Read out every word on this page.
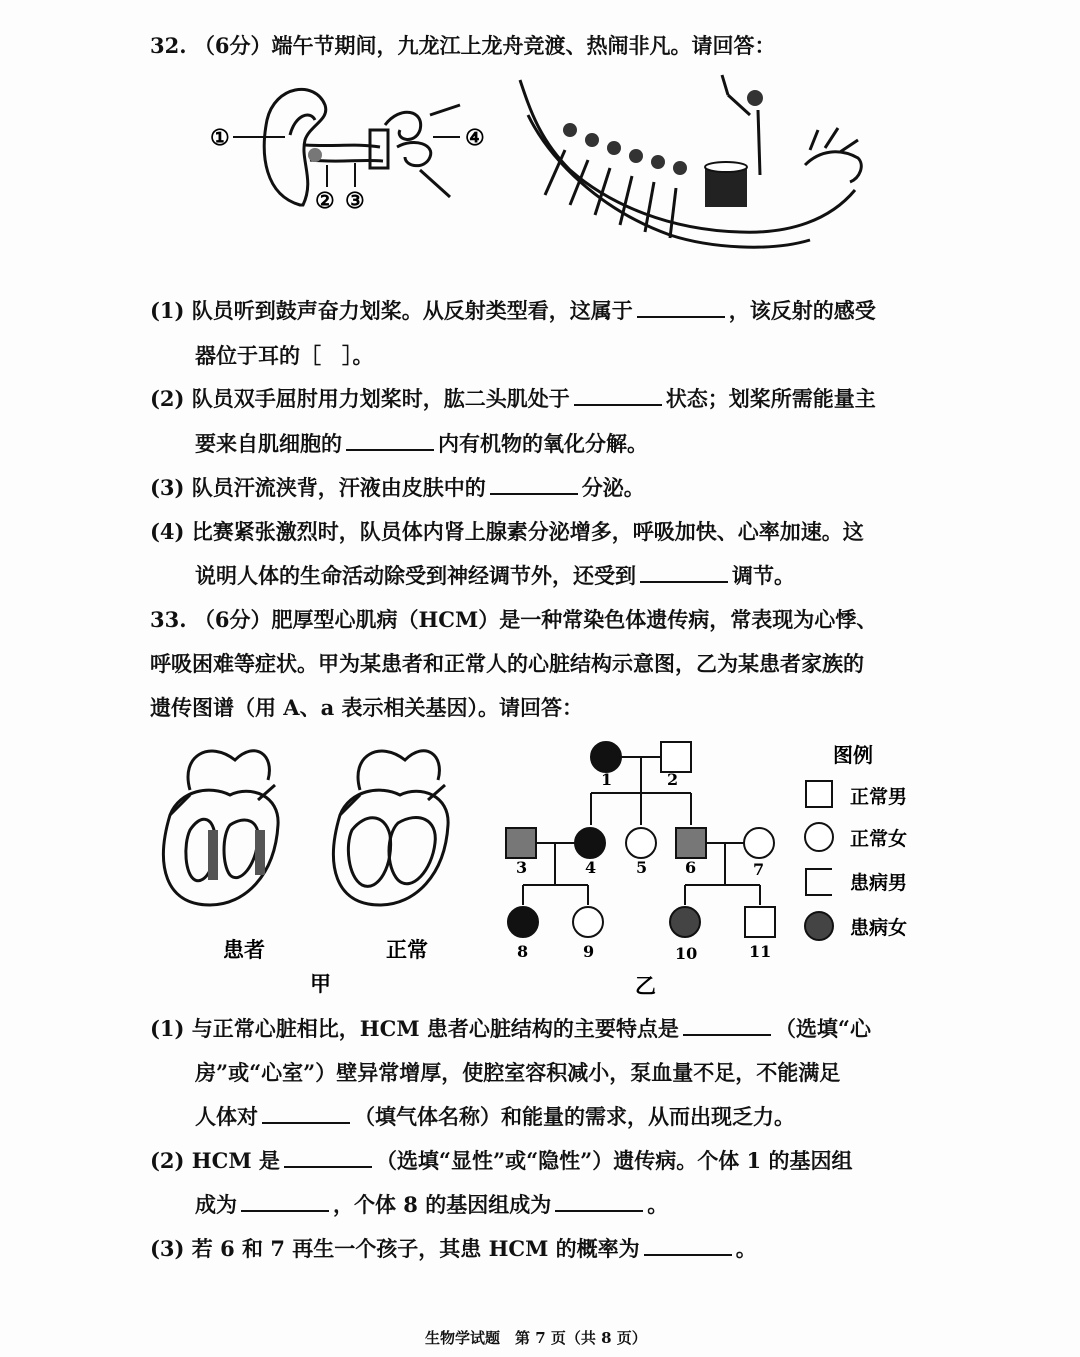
32. （6分）端午节期间，九龙江上龙舟竞渡、热闹非凡。请回答：
①	④
② ③
(1) 队员听到鼓声奋力划桨。从反射类型看，这属于	，该反射的感受
器位于耳的［　］。
(2) 队员双手屈肘用力划桨时，肱二头肌处于	状态；划桨所需能量主
要来自肌细胞的	内有机物的氧化分解。
(3) 队员汗流浃背，汗液由皮肤中的	分泌。
(4) 比赛紧张激烈时，队员体内肾上腺素分泌增多，呼吸加快、心率加速。这
说明人体的生命活动除受到神经调节外，还受到	调节。
33. （6分）肥厚型心肌病（HCM）是一种常染色体遗传病，常表现为心悸、
呼吸困难等症状。甲为某患者和正常人的心脏结构示意图，乙为某患者家族的
遗传图谱（用 A、a 表示相关基因）。请回答：
患者	正常
甲
1	2
3	4 5 6	7
8	9	10	11
乙
图例
正常男
正常女
患病男
患病女
(1) 与正常心脏相比，HCM 患者心脏结构的主要特点是	（选填“心
房”或“心室”）壁异常增厚，使腔室容积减小，泵血量不足，不能满足
人体对	（填气体名称）和能量的需求，从而出现乏力。
(2) HCM 是	（选填“显性”或“隐性”）遗传病。个体 1 的基因组
成为	，个体 8 的基因组成为	。
(3) 若 6 和 7 再生一个孩子，其患 HCM 的概率为	。
生物学试题　第 7 页（共 8 页）
